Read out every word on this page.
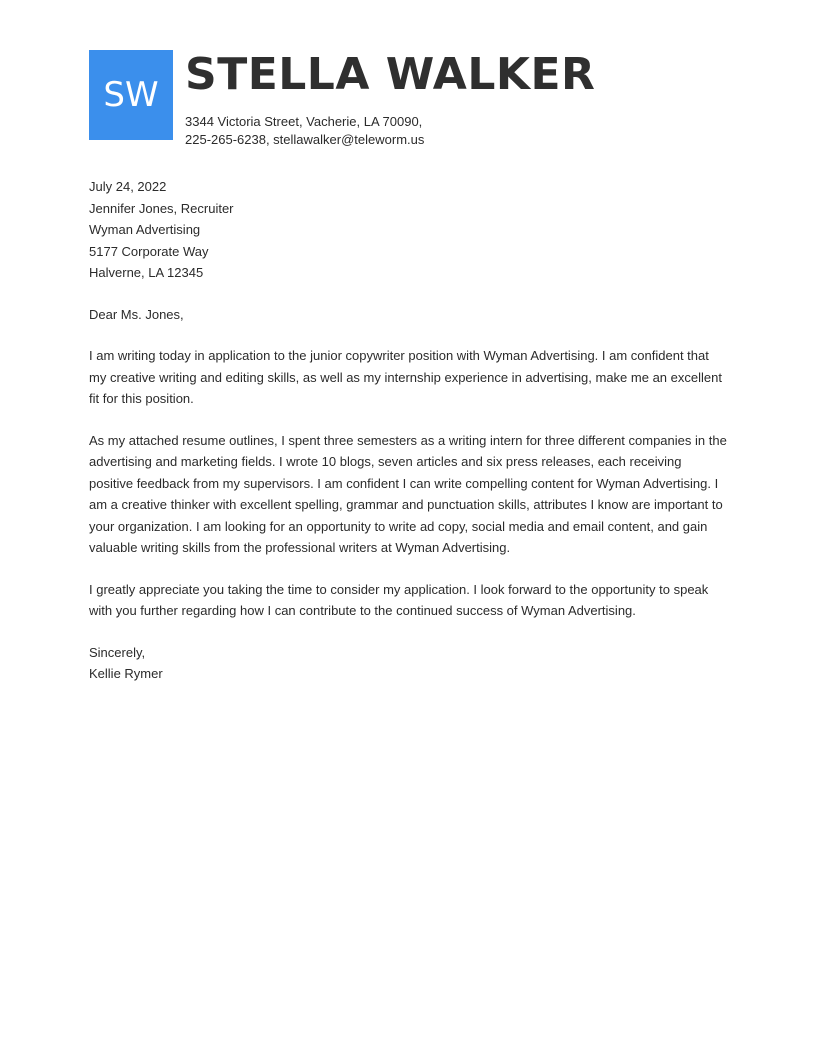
SW STELLA WALKER
3344 Victoria Street, Vacherie, LA 70090,
225-265-6238, stellawalker@teleworm.us
July 24, 2022
Jennifer Jones, Recruiter
Wyman Advertising
5177 Corporate Way
Halverne, LA 12345

Dear Ms. Jones,

I am writing today in application to the junior copywriter position with Wyman Advertising. I am confident that my creative writing and editing skills, as well as my internship experience in advertising, make me an excellent fit for this position.

As my attached resume outlines, I spent three semesters as a writing intern for three different companies in the advertising and marketing fields. I wrote 10 blogs, seven articles and six press releases, each receiving positive feedback from my supervisors. I am confident I can write compelling content for Wyman Advertising. I am a creative thinker with excellent spelling, grammar and punctuation skills, attributes I know are important to your organization. I am looking for an opportunity to write ad copy, social media and email content, and gain valuable writing skills from the professional writers at Wyman Advertising.

I greatly appreciate you taking the time to consider my application. I look forward to the opportunity to speak with you further regarding how I can contribute to the continued success of Wyman Advertising.

Sincerely,
Kellie Rymer
